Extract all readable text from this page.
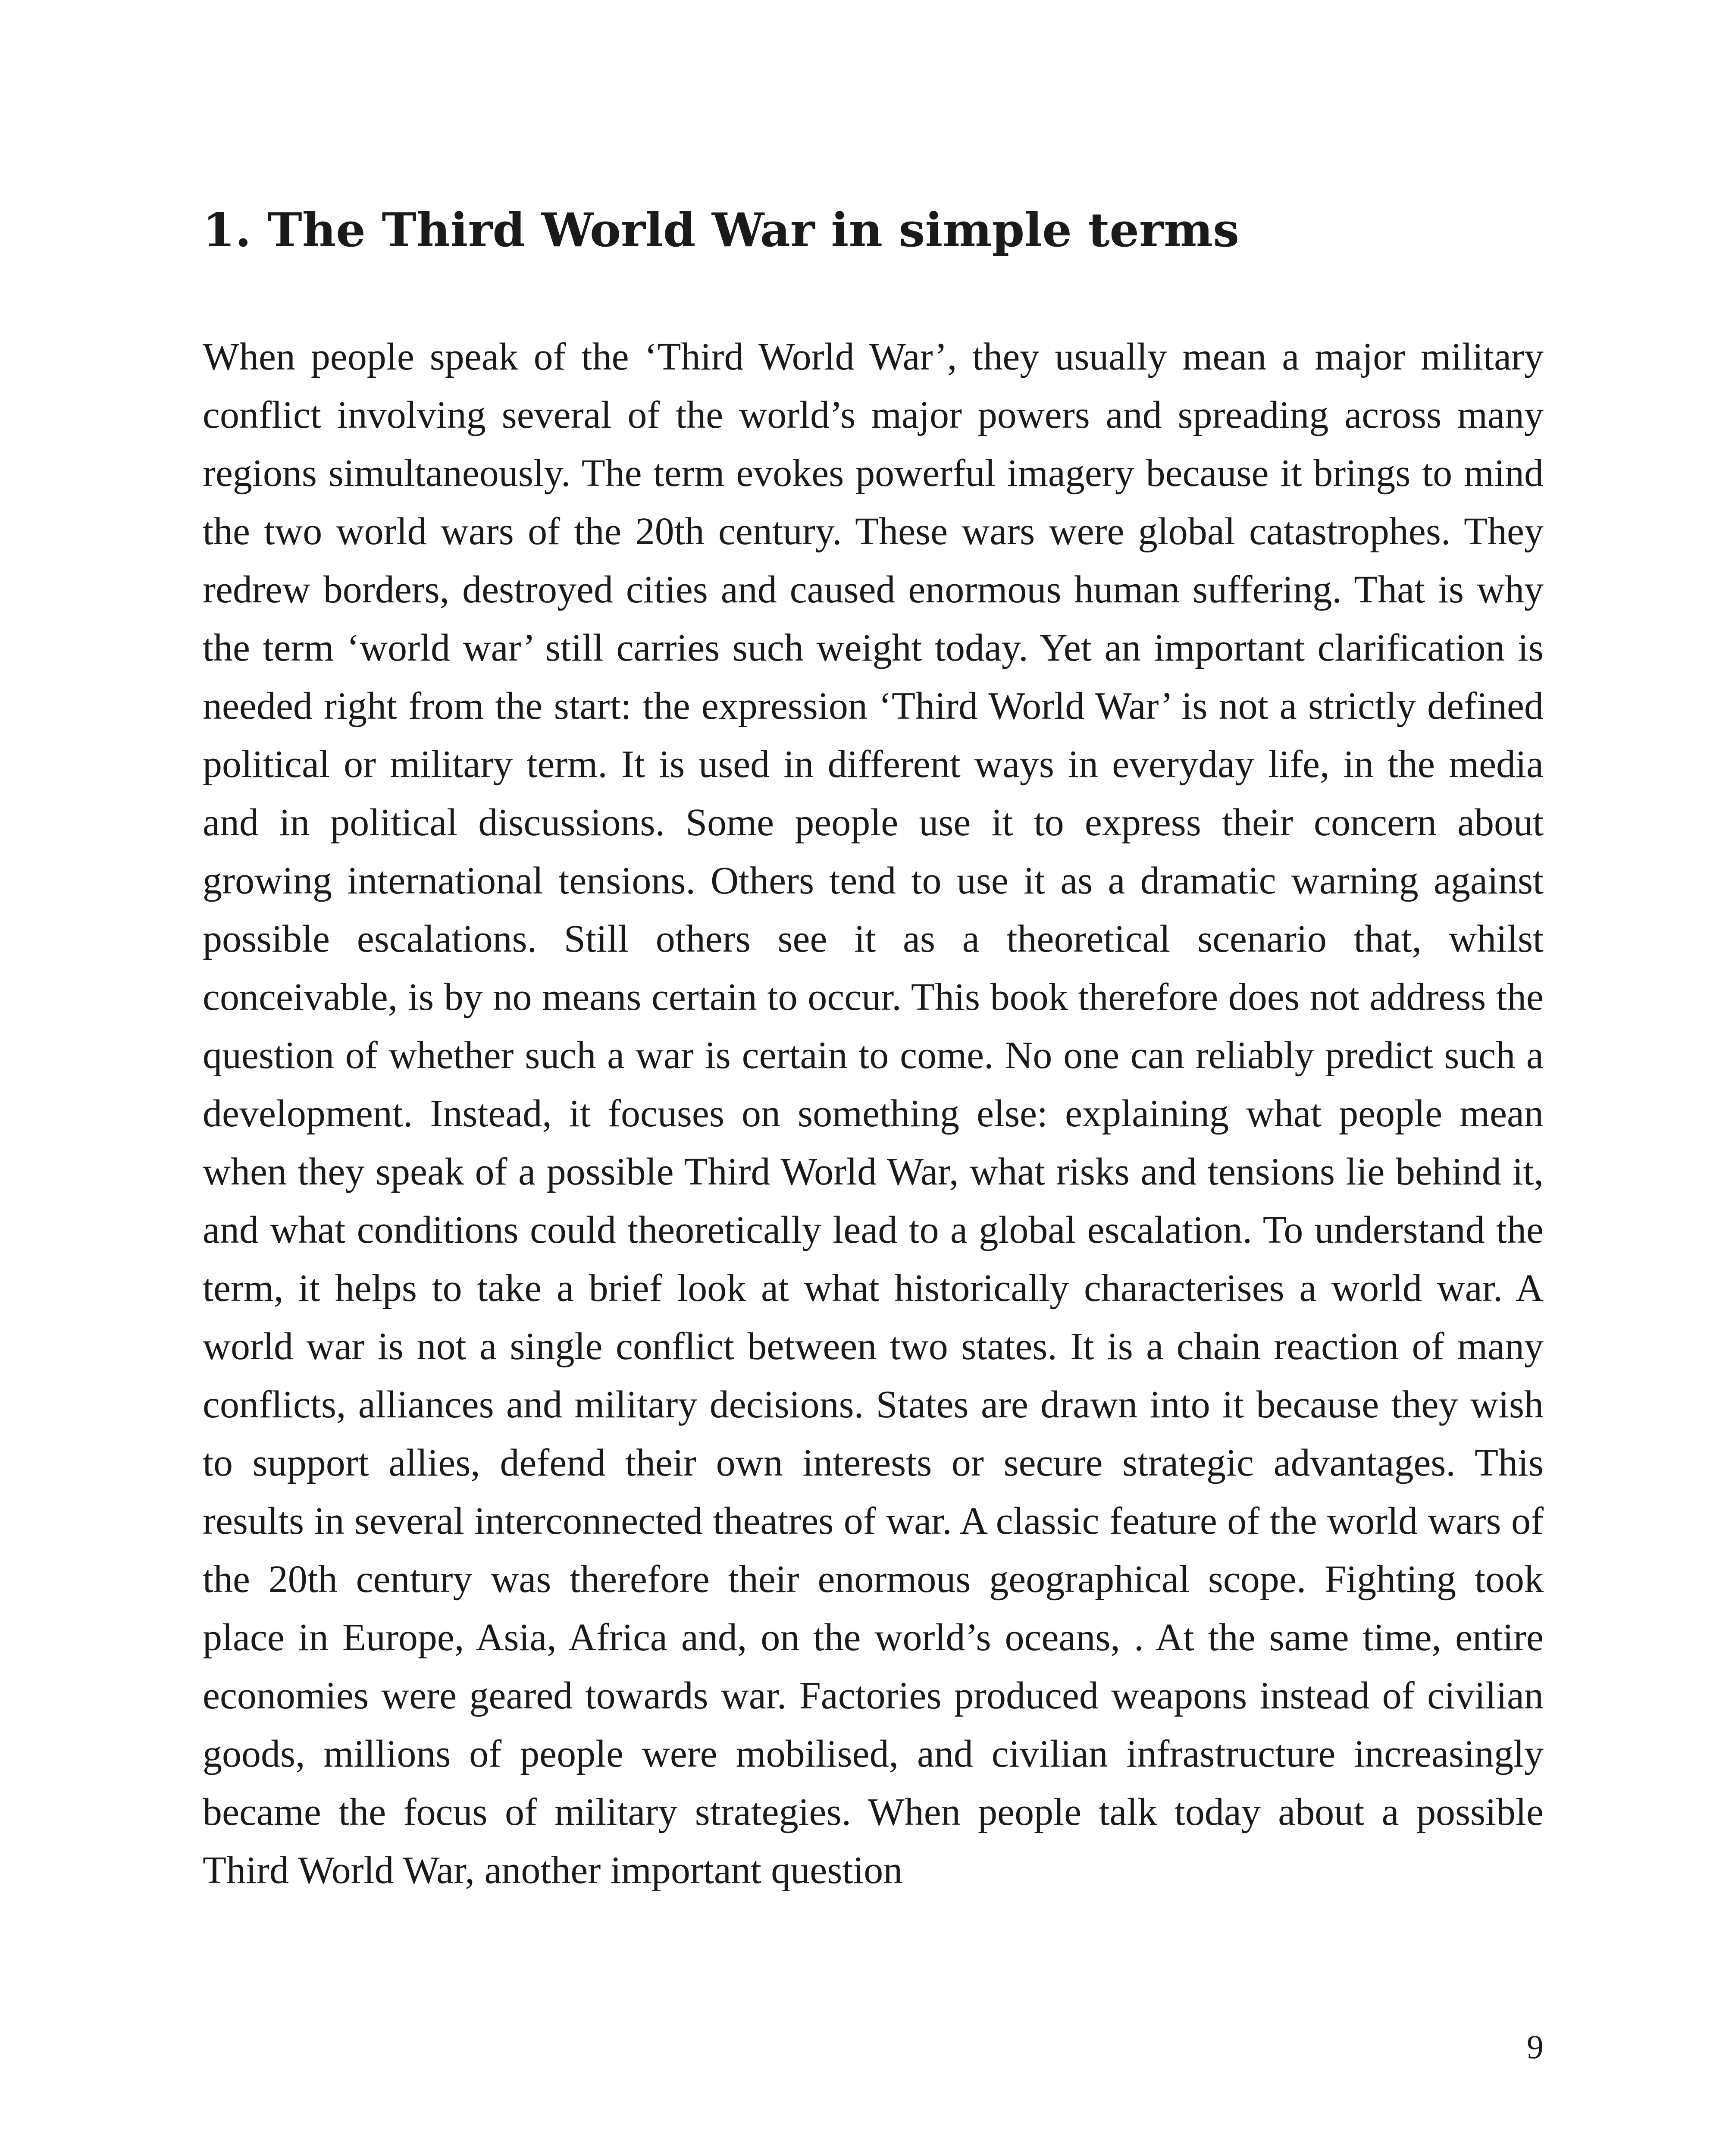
1. The Third World War in simple terms

When people speak of the ‘Third World War’, they usually mean a major military conflict involving several of the world’s major powers and spreading across many regions simultaneously. The term evokes powerful imagery because it brings to mind the two world wars of the 20th century. These wars were global catastrophes. They redrew borders, destroyed cities and caused enormous human suffering. That is why the term ‘world war’ still carries such weight today. Yet an important clarification is needed right from the start: the expression ‘Third World War’ is not a strictly defined political or military term. It is used in different ways in everyday life, in the media and in political discussions. Some people use it to express their concern about growing international tensions. Others tend to use it as a dramatic warning against possible escalations. Still others see it as a theoretical scenario that, whilst conceivable, is by no means certain to occur. This book therefore does not address the question of whether such a war is certain to come. No one can reliably predict such a development. Instead, it focuses on something else: explaining what people mean when they speak of a possible Third World War, what risks and tensions lie behind it, and what conditions could theoretically lead to a global escalation. To understand the term, it helps to take a brief look at what historically characterises a world war. A world war is not a single conflict between two states. It is a chain reaction of many conflicts, alliances and military decisions. States are drawn into it because they wish to support allies, defend their own interests or secure strategic advantages. This results in several interconnected theatres of war. A classic feature of the world wars of the 20th century was therefore their enormous geographical scope. Fighting took place in Europe, Asia, Africa and, on the world’s oceans, . At the same time, entire economies were geared towards war. Factories produced weapons instead of civilian goods, millions of people were mobilised, and civilian infrastructure increasingly became the focus of military strategies. When people talk today about a possible Third World War, another important question

9
